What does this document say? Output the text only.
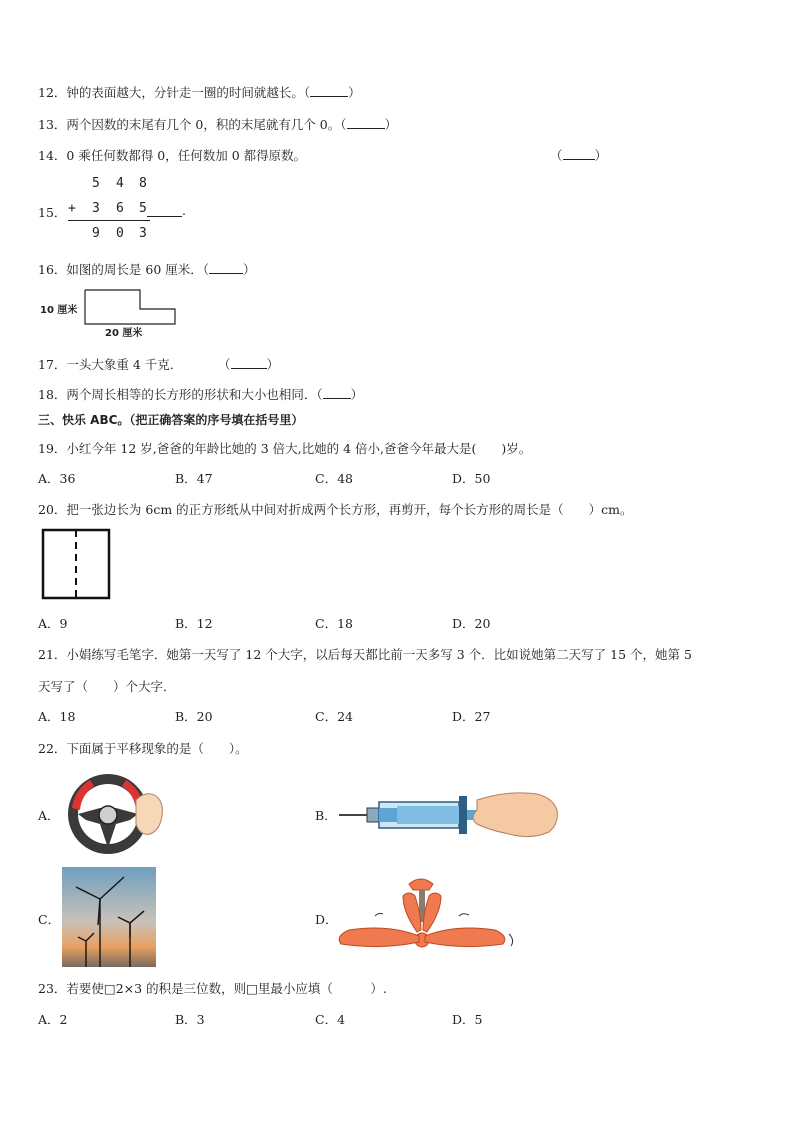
12．钟的表面越大，分针走一圈的时间就越长。（	）
13．两个因数的末尾有几个 0，积的末尾就有几个 0。（	）
14．0 乘任何数都得 0，任何数加 0 都得原数。	（	）
15．
5 4 8
+ 3 6 5	.
9 0 3
16．如图的周长是 60 厘米．（	）
10 厘米
20 厘米
17．一头大象重 4 千克．	（	）
18．两个周长相等的长方形的形状和大小也相同．（ ）
三、快乐 ABC。（把正确答案的序号填在括号里）
19．小红今年 12 岁,爸爸的年龄比她的 3 倍大,比她的 4 倍小,爸爸今年最大是(　　)岁。
A．36	B．47	C．48	D．50
20．把一张边长为 6cm 的正方形纸从中间对折成两个长方形，再剪开，每个长方形的周长是（　　）cm。
A．9	B．12	C．18	D．20
21．小娟练写毛笔字．她第一天写了 12 个大字，以后每天都比前一天多写 3 个．比如说她第二天写了 15 个，她第 5
天写了（　　）个大字．
A．18	B．20	C．24	D．27
22．下面属于平移现象的是（　　）。
A．	B．
C．	D．
23．若要使□2×3 的积是三位数，则□里最小应填（　　　）.
A．2	B．3	C．4	D．5
